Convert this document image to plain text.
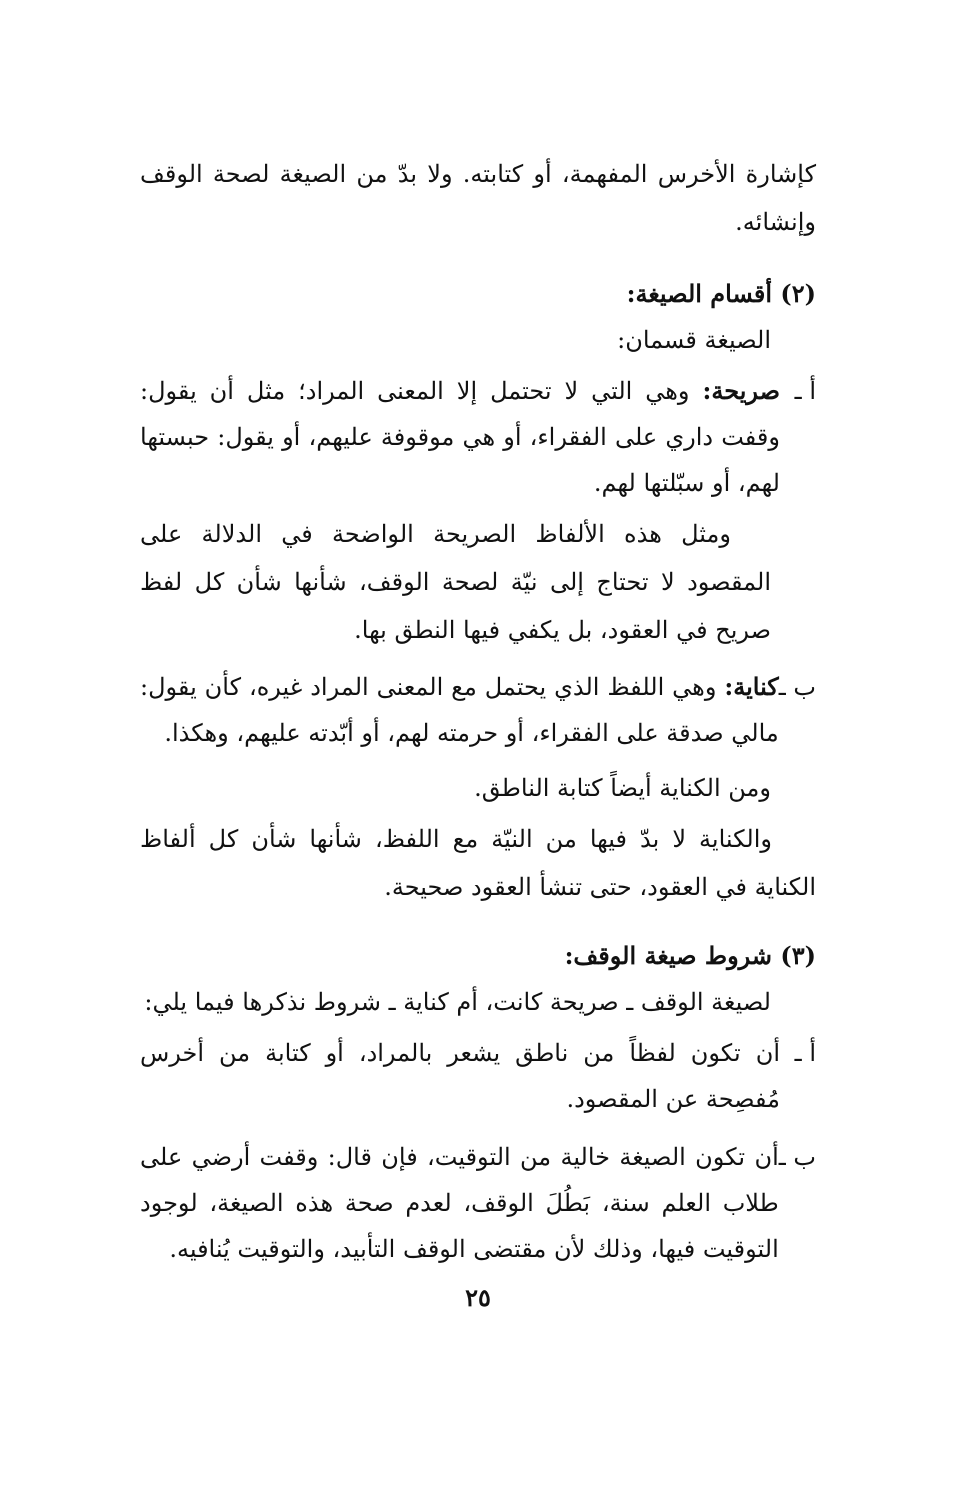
كإشارة الأخرس المفهمة، أو كتابته. ولا بدّ من الصيغة لصحة الوقف وإنشائه.

(٢) أقسام الصيغة:

الصيغة قسمان:

أ ـ
صريحة: وهي التي لا تحتمل إلا المعنى المراد؛ مثل أن يقول: وقفت داري على الفقراء، أو هي موقوفة عليهم، أو يقول: حبستها لهم، أو سبّلتها لهم.

ومثل هذه الألفاظ الصريحة الواضحة في الدلالة على المقصود لا تحتاج إلى نيّة لصحة الوقف، شأنها شأن كل لفظ صريح في العقود، بل يكفي فيها النطق بها.

ب ـ
كناية: وهي اللفظ الذي يحتمل مع المعنى المراد غيره، كأن يقول: مالي صدقة على الفقراء، أو حرمته لهم، أو أبّدته عليهم، وهكذا.

ومن الكناية أيضاً كتابة الناطق.

والكناية لا بدّ فيها من النيّة مع اللفظ، شأنها شأن كل ألفاظ الكناية في العقود، حتى تنشأ العقود صحيحة.

(٣) شروط صيغة الوقف:

لصيغة الوقف ـ صريحة كانت، أم كناية ـ شروط نذكرها فيما يلي:

أ ـ
أن تكون لفظاً من ناطق يشعر بالمراد، أو كتابة من أخرس مُفصِحة عن المقصود.
ب ـ
أن تكون الصيغة خالية من التوقيت، فإن قال: وقفت أرضي على طلاب العلم سنة، بَطُلَ الوقف، لعدم صحة هذه الصيغة، لوجود التوقيت فيها، وذلك لأن مقتضى الوقف التأبيد، والتوقيت يُنافيه.
٢٥
